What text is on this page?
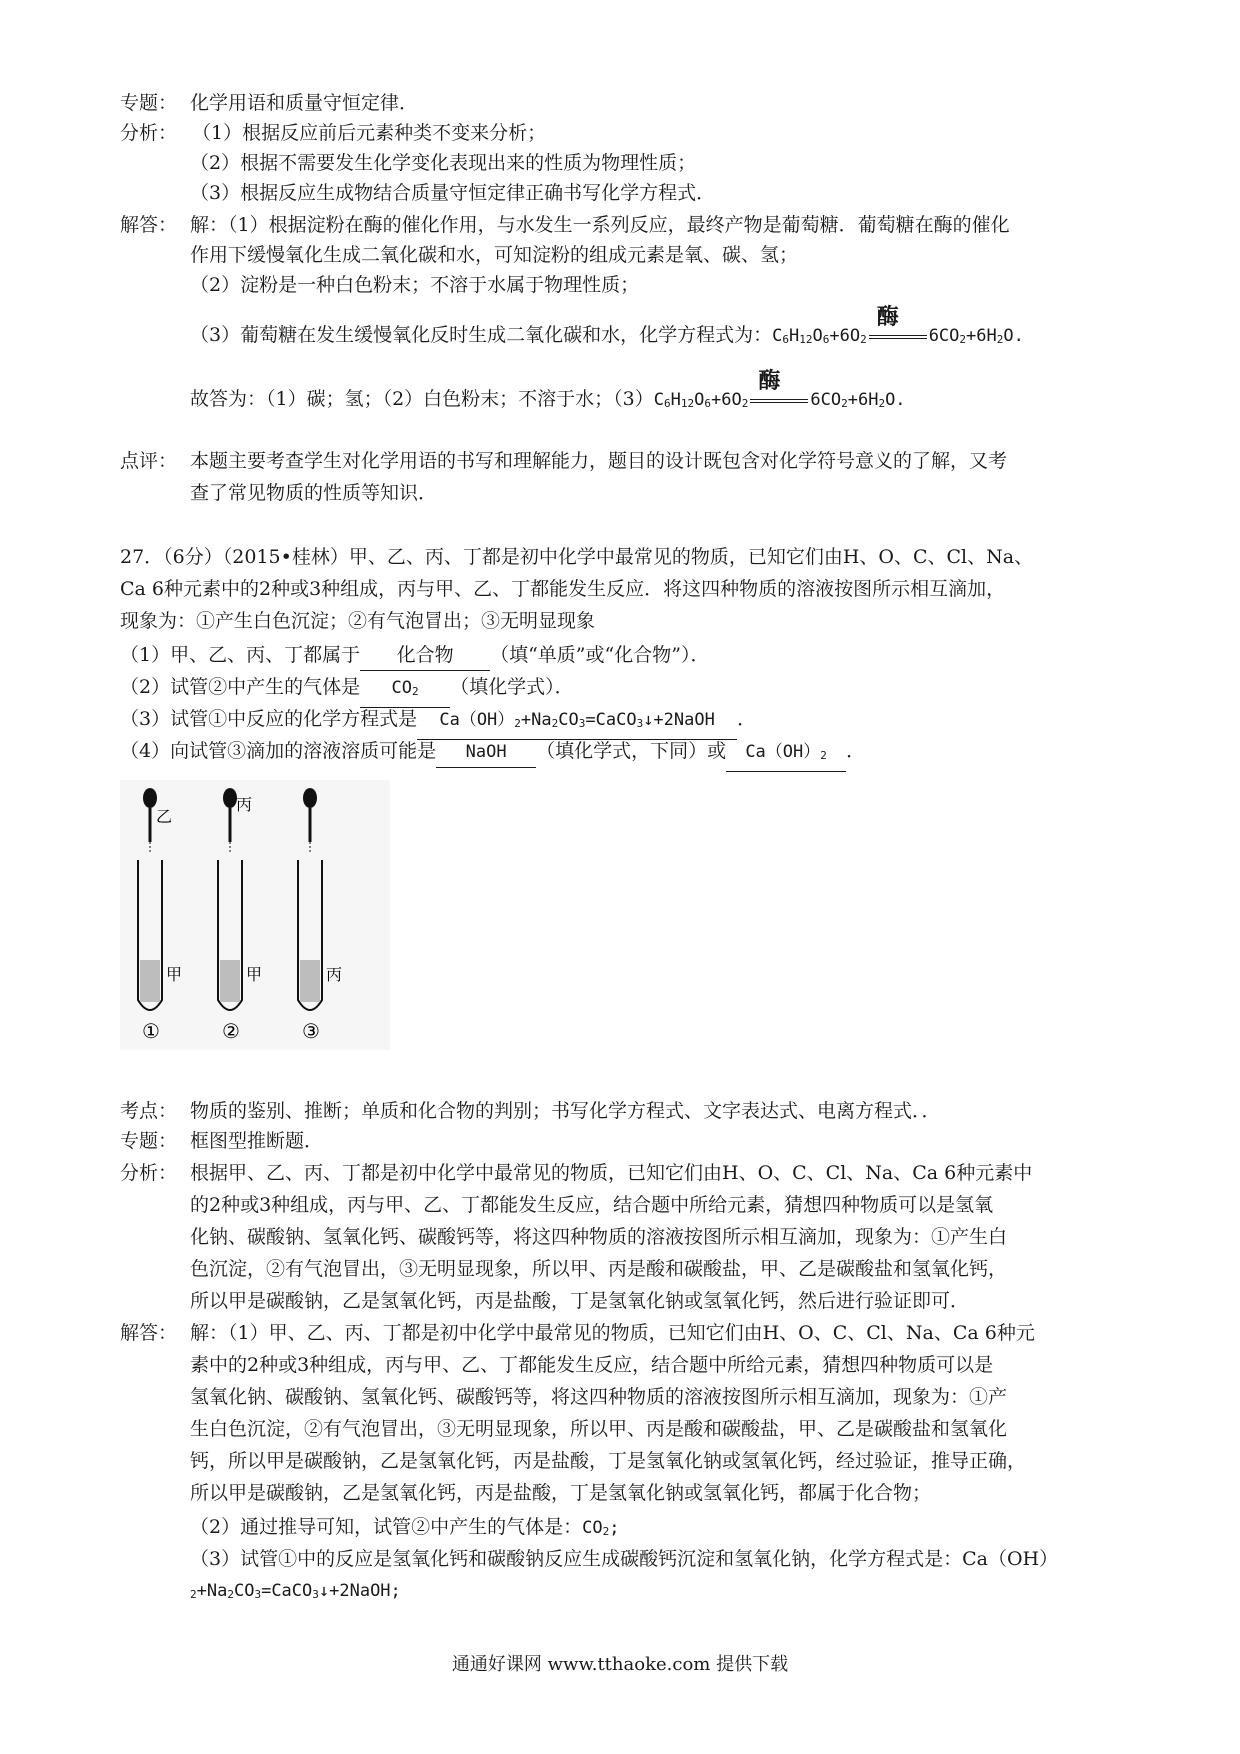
专题： 化学用语和质量守恒定律．
分析： （1）根据反应前后元素种类不变来分析；
（2）根据不需要发生化学变化表现出来的性质为物理性质；
（3）根据反应生成物结合质量守恒定律正确书写化学方程式．
解答： 解：（1）根据淀粉在酶的催化作用，与水发生一系列反应，最终产物是葡萄糖．葡萄糖在酶的催化
作用下缓慢氧化生成二氧化碳和水，可知淀粉的组成元素是氧、碳、氢；
（2）淀粉是一种白色粉末；不溶于水属于物理性质；
（3）葡萄糖在发生缓慢氧化反时生成二氧化碳和水，化学方程式为：$C_6H_{12}O_6+6O_2$
酶
$6CO_2+6H_2O$.
故答为：（1）碳；氢；（2）白色粉末；不溶于水；$(3)C_6H_{12}O_6+6O_2$
酶
$6CO_2+6H_2O$.
点评： 本题主要考查学生对化学用语的书写和理解能力，题目的设计既包含对化学符号意义的了解，又考
查了常见物质的性质等知识．
27．（6分）（2015•桂林）甲、乙、丙、丁都是初中化学中最常见的物质，已知它们由H、O、C、Cl、Na、
Ca 6种元素中的2种或3种组成，丙与甲、乙、丁都能发生反应．将这四种物质的溶液按图所示相互滴加，
现象为：①产生白色沉淀；②有气泡冒出；③无明显现象
（1）甲、乙、丙、丁都属于 化合物 （填“单质”或“化合物”）．
（2）试管②中产生的气体是 $CO_2$ （填化学式）．
（3）试管①中反应的化学方程式是 $Ca(OH)_2+Na_2CO_3=CaCO_3↓+2NaOH$ ．
（4）向试管③滴加的溶液溶质可能是 NaOH （填化学式，下同）或 $Ca(OH)_2$ ．
乙
甲
①
丙
甲
②
丙
③
考点： 物质的鉴别、推断；单质和化合物的判别；书写化学方程式、文字表达式、电离方程式．．
专题： 框图型推断题．
分析： 根据甲、乙、丙、丁都是初中化学中最常见的物质，已知它们由H、O、C、Cl、Na、Ca 6种元素中
的2种或3种组成，丙与甲、乙、丁都能发生反应，结合题中所给元素，猜想四种物质可以是氢氧
化钠、碳酸钠、氢氧化钙、碳酸钙等，将这四种物质的溶液按图所示相互滴加，现象为：①产生白
色沉淀，②有气泡冒出，③无明显现象，所以甲、丙是酸和碳酸盐，甲、乙是碳酸盐和氢氧化钙，
所以甲是碳酸钠，乙是氢氧化钙，丙是盐酸，丁是氢氧化钠或氢氧化钙，然后进行验证即可．
解答： 解：（1）甲、乙、丙、丁都是初中化学中最常见的物质，已知它们由H、O、C、Cl、Na、Ca 6种元
素中的2种或3种组成，丙与甲、乙、丁都能发生反应，结合题中所给元素，猜想四种物质可以是
氢氧化钠、碳酸钠、氢氧化钙、碳酸钙等，将这四种物质的溶液按图所示相互滴加，现象为：①产
生白色沉淀，②有气泡冒出，③无明显现象，所以甲、丙是酸和碳酸盐，甲、乙是碳酸盐和氢氧化
钙，所以甲是碳酸钠，乙是氢氧化钙，丙是盐酸，丁是氢氧化钠或氢氧化钙，经过验证，推导正确，
所以甲是碳酸钠，乙是氢氧化钙，丙是盐酸，丁是氢氧化钠或氢氧化钙，都属于化合物；
（2）通过推导可知，试管②中产生的气体是：$CO_2$;
（3）试管①中的反应是氢氧化钙和碳酸钠反应生成碳酸钙沉淀和氢氧化钠，化学方程式是：Ca（OH）
$_2+Na_2CO_3=CaCO_3↓+2NaOH$;
通通好课网 www.tthaoke.com 提供下载
